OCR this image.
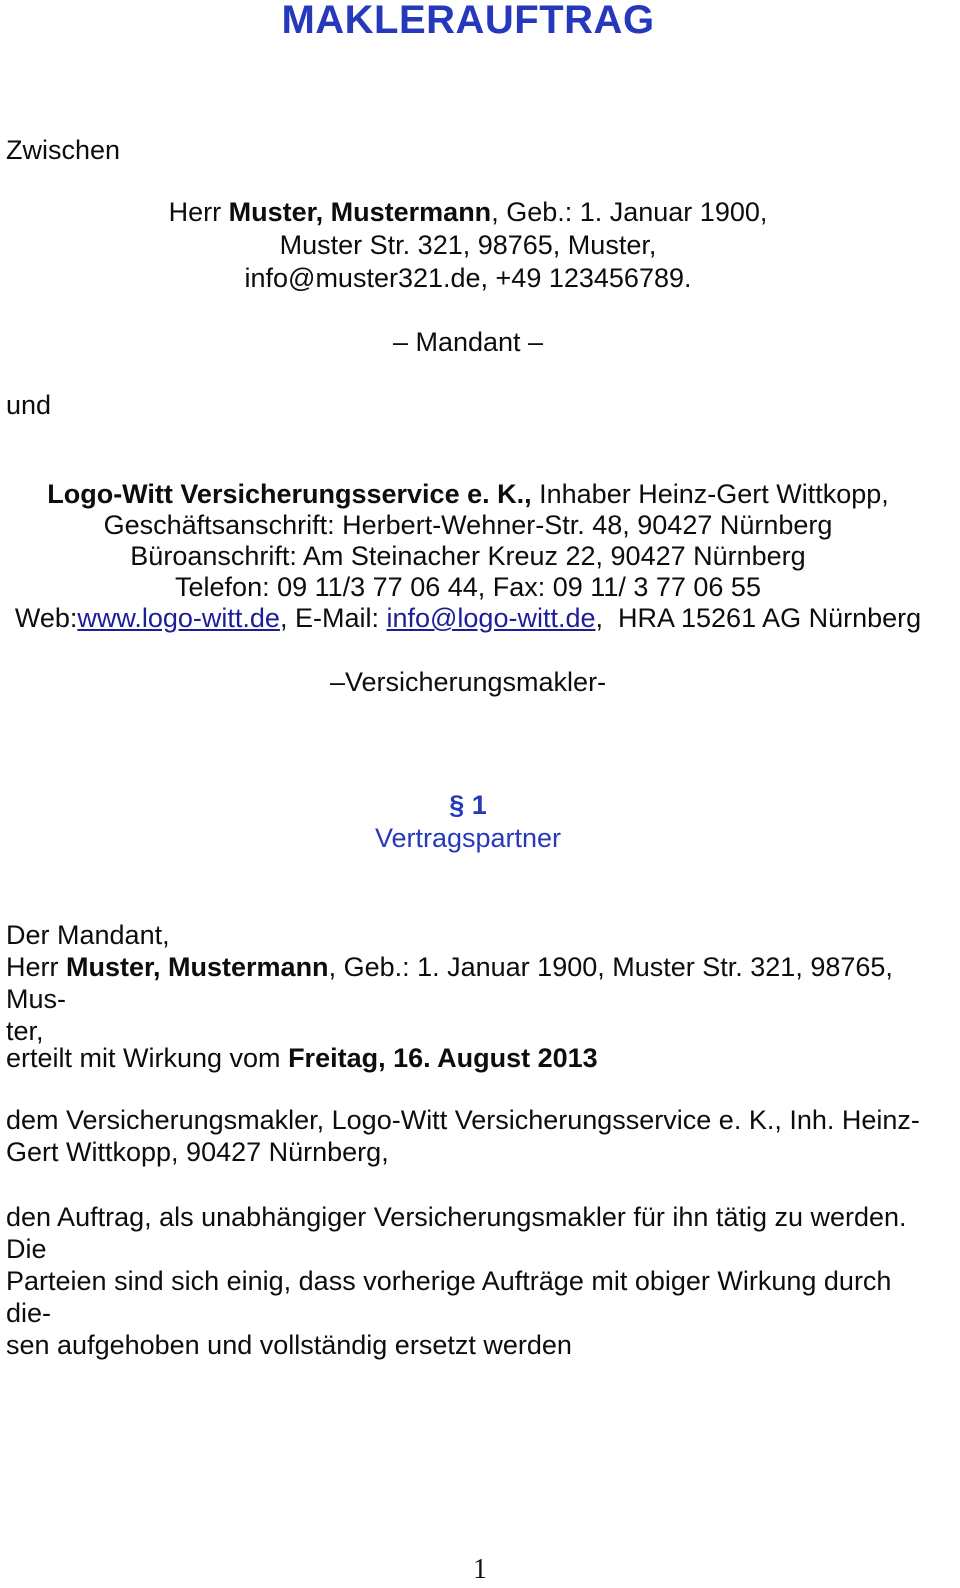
MAKLERAUFTRAG
Zwischen
Herr Muster, Mustermann, Geb.: 1. Januar 1900,
Muster Str. 321, 98765, Muster,
info@muster321.de, +49 123456789.
– Mandant –
und
Logo-Witt Versicherungsservice e. K., Inhaber Heinz-Gert Wittkopp,
Geschäftsanschrift: Herbert-Wehner-Str. 48, 90427 Nürnberg
Büroanschrift: Am Steinacher Kreuz 22, 90427 Nürnberg
Telefon: 09 11/3 77 06 44, Fax: 09 11/ 3 77 06 55
Web:www.logo-witt.de, E-Mail: info@logo-witt.de,  HRA 15261 AG Nürnberg
–Versicherungsmakler-
§ 1
Vertragspartner
Der Mandant,
Herr Muster, Mustermann, Geb.: 1. Januar 1900, Muster Str. 321, 98765, Mus-
ter,
erteilt mit Wirkung vom Freitag, 16. August 2013
dem Versicherungsmakler, Logo-Witt Versicherungsservice e. K., Inh. Heinz-
Gert Wittkopp, 90427 Nürnberg,
den Auftrag, als unabhängiger Versicherungsmakler für ihn tätig zu werden. Die
Parteien sind sich einig, dass vorherige Aufträge mit obiger Wirkung durch die-
sen aufgehoben und vollständig ersetzt werden
1
